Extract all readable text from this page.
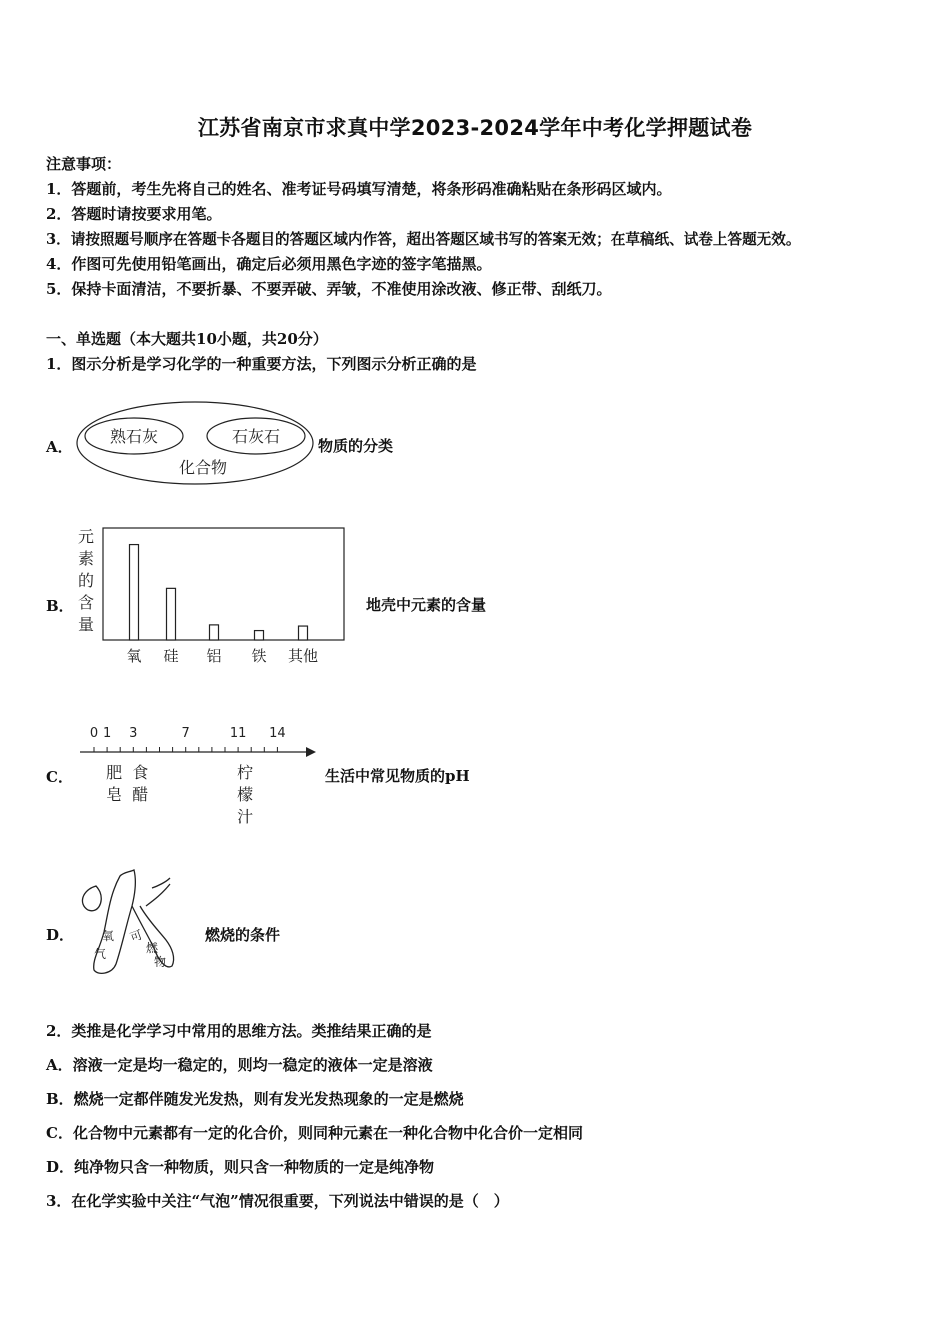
江苏省南京市求真中学2023-2024学年中考化学押题试卷
注意事项：
1．答题前，考生先将自己的姓名、准考证号码填写清楚，将条形码准确粘贴在条形码区域内。
2．答题时请按要求用笔。
3．请按照题号顺序在答题卡各题目的答题区域内作答，超出答题区域书写的答案无效；在草稿纸、试卷上答题无效。
4．作图可先使用铅笔画出，确定后必须用黑色字迹的签字笔描黑。
5．保持卡面清洁，不要折暴、不要弄破、弄皱，不准使用涂改液、修正带、刮纸刀。
一、单选题（本大题共10小题，共20分）
1．图示分析是学习化学的一种重要方法，下列图示分析正确的是
A．
熟石灰	石灰石
化合物
物质的分类
B．
元
素
的
含
量
氧 硅 铝 铁 其他
地壳中元素的含量
C．
0 1 3	7	11 14
肥
皂
食
醋
柠
檬
汁
生活中常见物质的pH
D． 氧
气
可
燃
物
燃烧的条件
2．类推是化学学习中常用的思维方法。类推结果正确的是
A．溶液一定是均一稳定的，则均一稳定的液体一定是溶液
B．燃烧一定都伴随发光发热，则有发光发热现象的一定是燃烧
C．化合物中元素都有一定的化合价，则同种元素在一种化合物中化合价一定相同
D．纯净物只含一种物质，则只含一种物质的一定是纯净物
3．在化学实验中关注“气泡”情况很重要，下列说法中错误的是（　）
